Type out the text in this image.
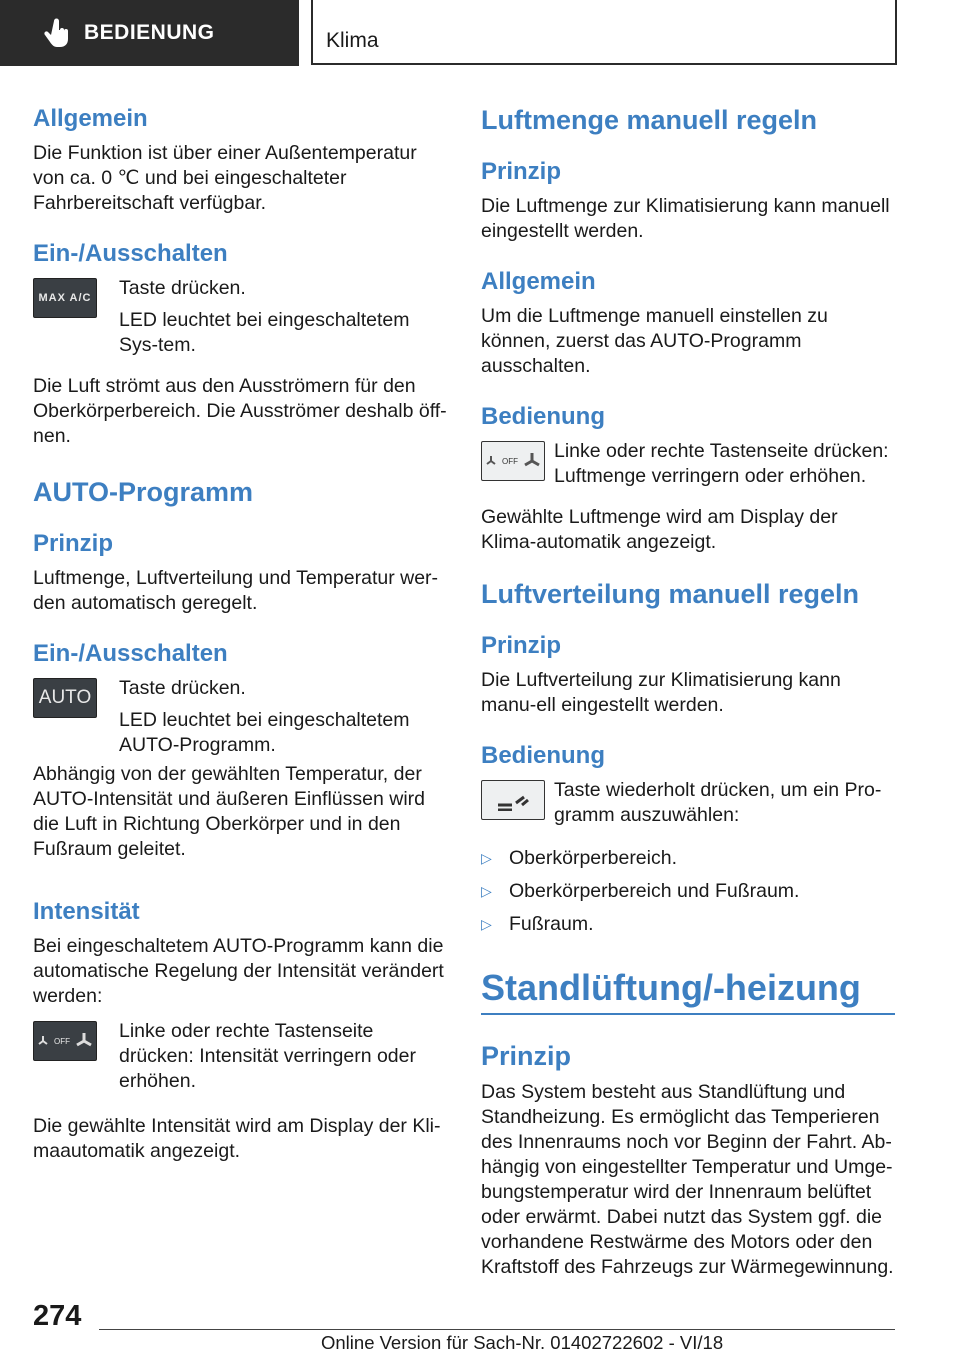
BEDIENUNG	Klima
Allgemein

Die Funktion ist über einer Außentemperatur von ca. 0 ℃ und bei eingeschalteter Fahrbereitschaft verfügbar.

Ein-/Ausschalten
MAX A/C Taste drücken.

LED leuchtet bei eingeschaltetem Sys-tem.

Die Luft strömt aus den Ausströmern für den Oberkörperbereich. Die Ausströmer deshalb öff-nen.

AUTO-Programm
Prinzip

Luftmenge, Luftverteilung und Temperatur wer-den automatisch geregelt.

Ein-/Ausschalten
AUTO Taste drücken.

LED leuchtet bei eingeschaltetem AUTO-Programm.

Abhängig von der gewählten Temperatur, der AUTO-Intensität und äußeren Einflüssen wird die Luft in Richtung Oberkörper und in den Fußraum geleitet.

Intensität

Bei eingeschaltetem AUTO-Programm kann die automatische Regelung der Intensität verändert werden:

OFF	Linke oder rechte Tastenseite drücken: Intensität verringern oder erhöhen.

Die gewählte Intensität wird am Display der Kli-maautomatik angezeigt.

Luftmenge manuell regeln
Prinzip

Die Luftmenge zur Klimatisierung kann manuell eingestellt werden.

Allgemein

Um die Luftmenge manuell einstellen zu können, zuerst das AUTO-Programm ausschalten.

Bedienung
OFF Linke oder rechte Tastenseite drücken: Luftmenge verringern oder erhöhen.

Gewählte Luftmenge wird am Display der Klima-automatik angezeigt.

Luftverteilung manuell regeln
Prinzip

Die Luftverteilung zur Klimatisierung kann manu-ell eingestellt werden.

Bedienung

Taste wiederholt drücken, um ein Pro-gramm auszuwählen:

▷ Oberkörperbereich.
▷ Oberkörperbereich und Fußraum.
▷ Fußraum.
Standlüftung/-heizung
Prinzip

Das System besteht aus Standlüftung und Standheizung. Es ermöglicht das Temperieren des Innenraums noch vor Beginn der Fahrt. Ab-hängig von eingestellter Temperatur und Umge-bungstemperatur wird der Innenraum belüftet oder erwärmt. Dabei nutzt das System ggf. die vorhandene Restwärme des Motors oder den Kraftstoff des Fahrzeugs zur Wärmegewinnung.

274
Online Version für Sach-Nr. 01402722602 - VI/18
